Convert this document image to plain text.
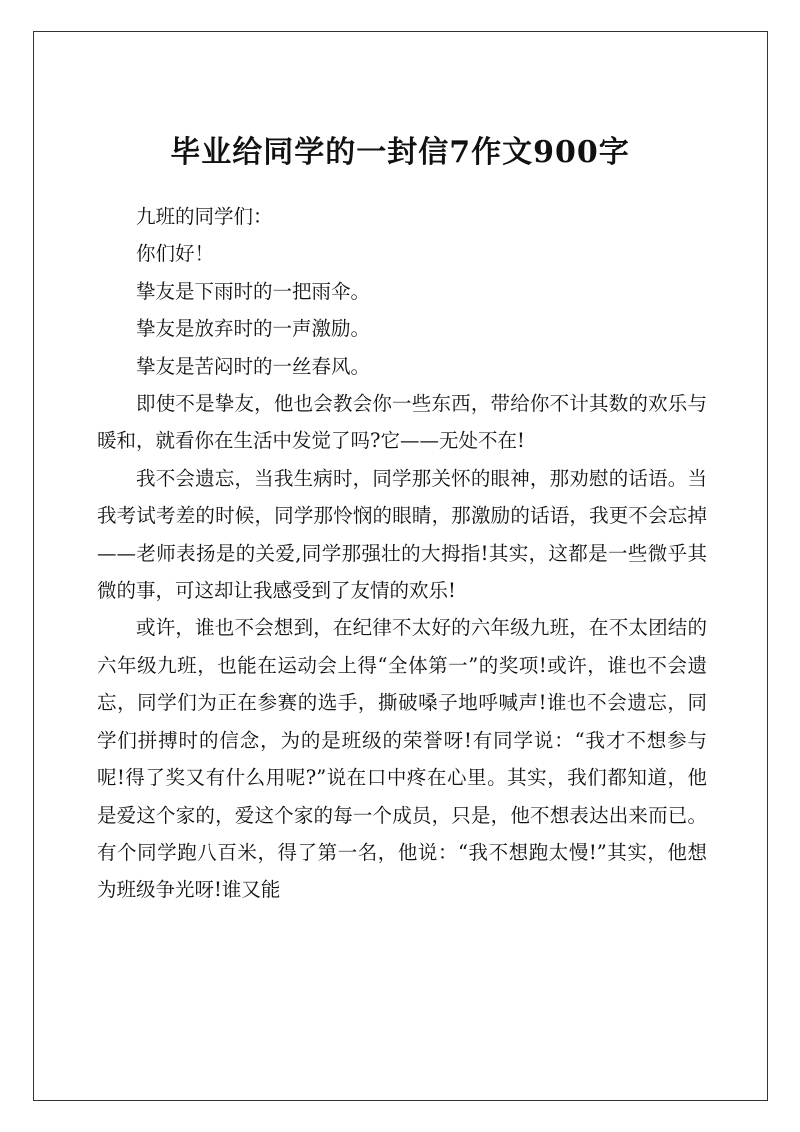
毕业给同学的一封信7作文900字

九班的同学们：

你们好！

挚友是下雨时的一把雨伞。

挚友是放弃时的一声激励。

挚友是苦闷时的一丝春风。

即使不是挚友，他也会教会你一些东西，带给你不计其数的欢乐与暖和，就看你在生活中发觉了吗?它——无处不在!

我不会遗忘，当我生病时，同学那关怀的眼神，那劝慰的话语。当我考试考差的时候，同学那怜悯的眼睛，那激励的话语，我更不会忘掉——老师表扬是的关爱,同学那强壮的大拇指!其实，这都是一些微乎其微的事，可这却让我感受到了友情的欢乐!

或许，谁也不会想到，在纪律不太好的六年级九班，在不太团结的六年级九班，也能在运动会上得“全体第一”的奖项!或许，谁也不会遗忘，同学们为正在参赛的选手，撕破嗓子地呼喊声!谁也不会遗忘，同学们拼搏时的信念，为的是班级的荣誉呀!有同学说：“我才不想参与呢!得了奖又有什么用呢?”说在口中疼在心里。其实，我们都知道，他是爱这个家的，爱这个家的每一个成员，只是，他不想表达出来而已。有个同学跑八百米，得了第一名，他说：“我不想跑太慢!”其实，他想为班级争光呀!谁又能
